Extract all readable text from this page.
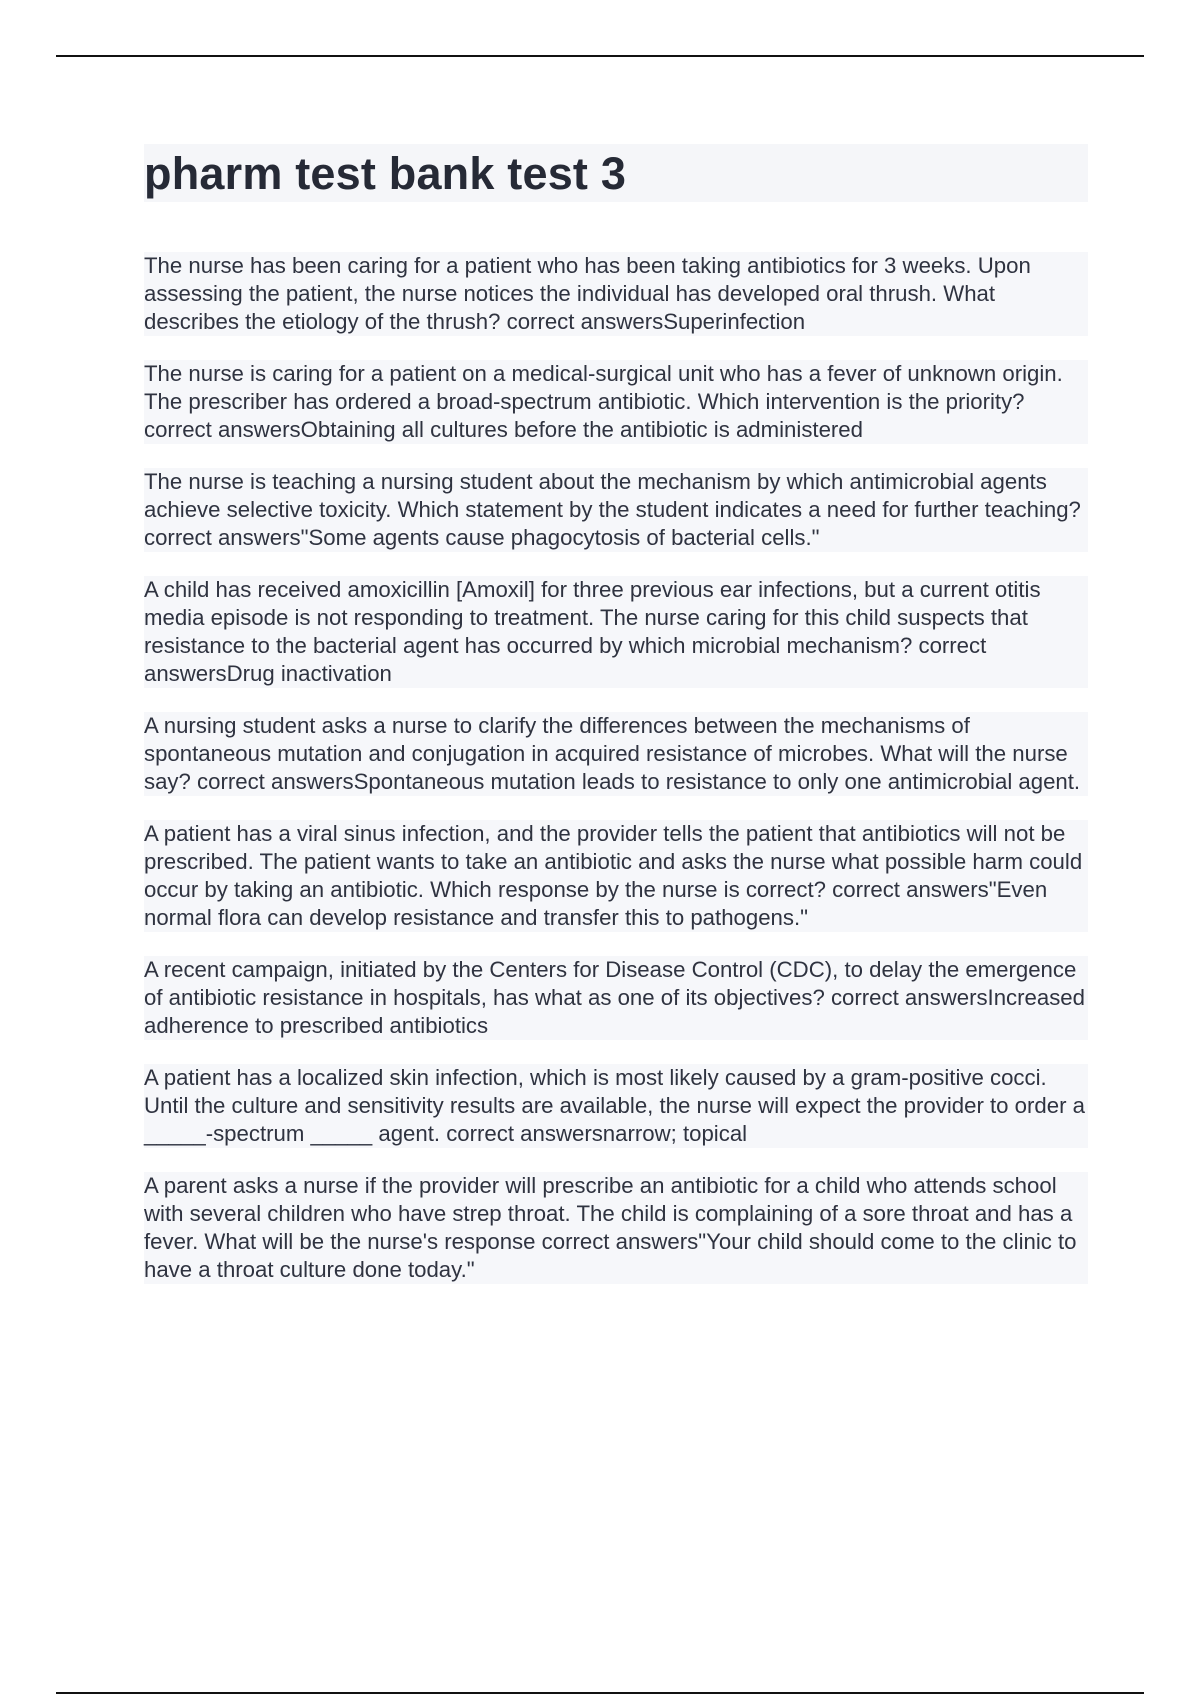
pharm test bank test 3

The nurse has been caring for a patient who has been taking antibiotics for 3 weeks. Upon assessing the patient, the nurse notices the individual has developed oral thrush. What describes the etiology of the thrush? correct answersSuperinfection

The nurse is caring for a patient on a medical-surgical unit who has a fever of unknown origin. The prescriber has ordered a broad-spectrum antibiotic. Which intervention is the priority? correct answersObtaining all cultures before the antibiotic is administered

The nurse is teaching a nursing student about the mechanism by which antimicrobial agents achieve selective toxicity. Which statement by the student indicates a need for further teaching? correct answers"Some agents cause phagocytosis of bacterial cells."

A child has received amoxicillin [Amoxil] for three previous ear infections, but a current otitis media episode is not responding to treatment. The nurse caring for this child suspects that resistance to the bacterial agent has occurred by which microbial mechanism? correct answersDrug inactivation

A nursing student asks a nurse to clarify the differences between the mechanisms of spontaneous mutation and conjugation in acquired resistance of microbes. What will the nurse say? correct answersSpontaneous mutation leads to resistance to only one antimicrobial agent.

A patient has a viral sinus infection, and the provider tells the patient that antibiotics will not be prescribed. The patient wants to take an antibiotic and asks the nurse what possible harm could occur by taking an antibiotic. Which response by the nurse is correct? correct answers"Even normal flora can develop resistance and transfer this to pathogens."

A recent campaign, initiated by the Centers for Disease Control (CDC), to delay the emergence of antibiotic resistance in hospitals, has what as one of its objectives? correct answersIncreased adherence to prescribed antibiotics

A patient has a localized skin infection, which is most likely caused by a gram-positive cocci. Until the culture and sensitivity results are available, the nurse will expect the provider to order a _____-spectrum _____ agent. correct answersnarrow; topical

A parent asks a nurse if the provider will prescribe an antibiotic for a child who attends school with several children who have strep throat. The child is complaining of a sore throat and has a fever. What will be the nurse's response correct answers"Your child should come to the clinic to have a throat culture done today."
